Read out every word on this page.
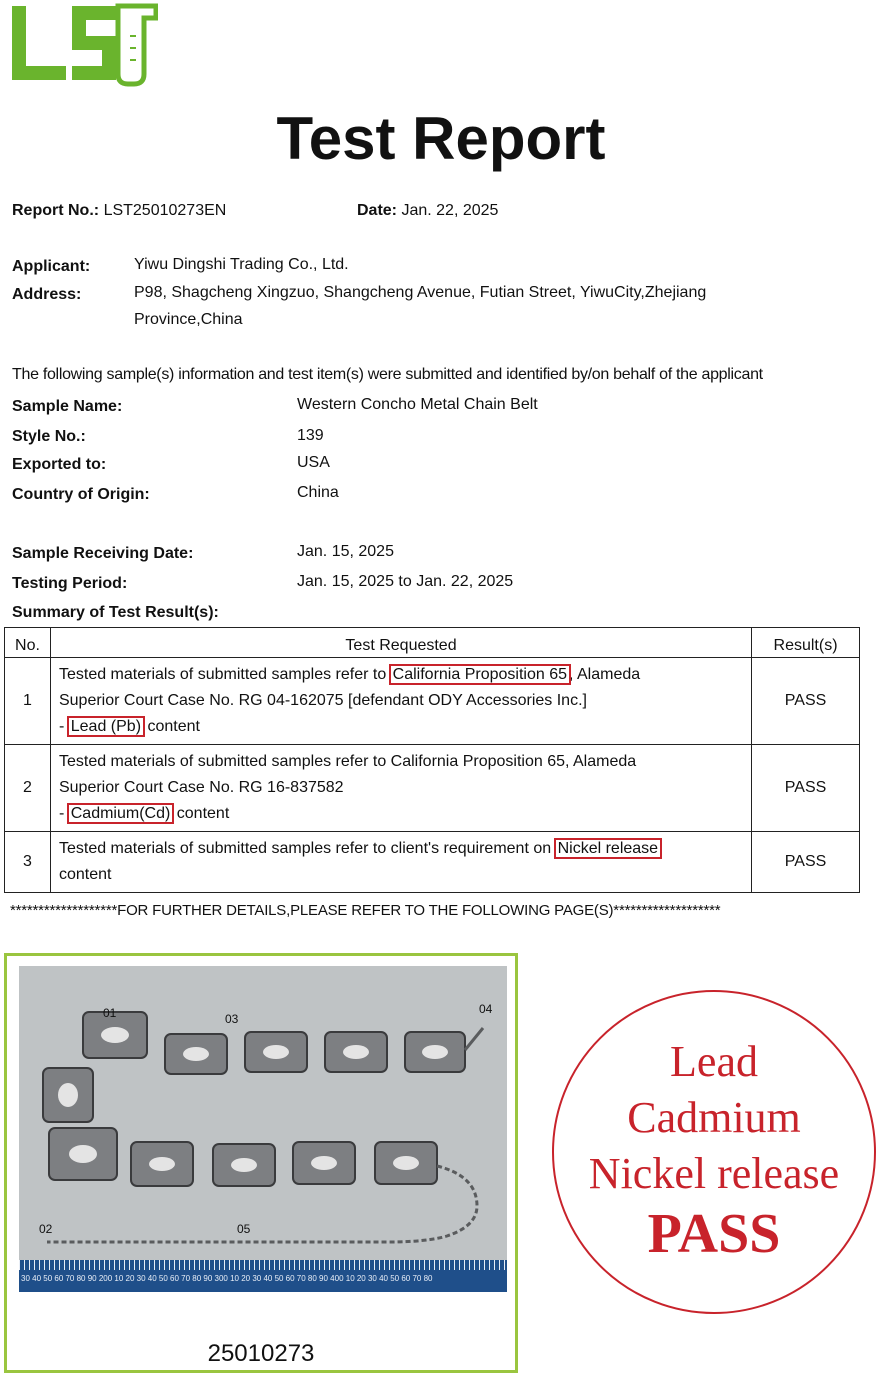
Test Report
Report No.: LST25010273EN	Date: Jan. 22, 2025
Applicant:	Yiwu Dingshi Trading Co., Ltd.
Address:	P98, Shagcheng Xingzuo, Shangcheng Avenue, Futian Street, YiwuCity,Zhejiang
Province,China
The following sample(s) information and test item(s) were submitted and identified by/on behalf of the applicant
Sample Name:	Western Concho Metal Chain Belt
Style No.:	139
Exported to:	USA
Country of Origin:	China
Sample Receiving Date:	Jan. 15, 2025
Testing Period:	Jan. 15, 2025 to Jan. 22, 2025
Summary of Test Result(s):
No.	Test Requested	Result(s)
1	Tested materials of submitted samples refer to California Proposition 65 , Alameda
Superior Court Case No. RG 04-162075 [defendant ODY Accessories Inc.]
- Lead (Pb) content	PASS
2	Tested materials of submitted samples refer to California Proposition 65, Alameda
Superior Court Case No. RG 16-837582
- Cadmium(Cd) content	PASS
3	Tested materials of submitted samples refer to client's requirement on Nickel release
content	PASS
*******************FOR FURTHER DETAILS,PLEASE REFER TO THE FOLLOWING PAGE(S)*******************
01	03
04
02	05
30 40 50 60 70 80 90 200 10 20 30 40 50 60 70 80 90 300 10 20 30 40 50 60 70 80 90 400 10 20 30 40 50 60 70 80
25010273
Lead
Cadmium
Nickel release
PASS
